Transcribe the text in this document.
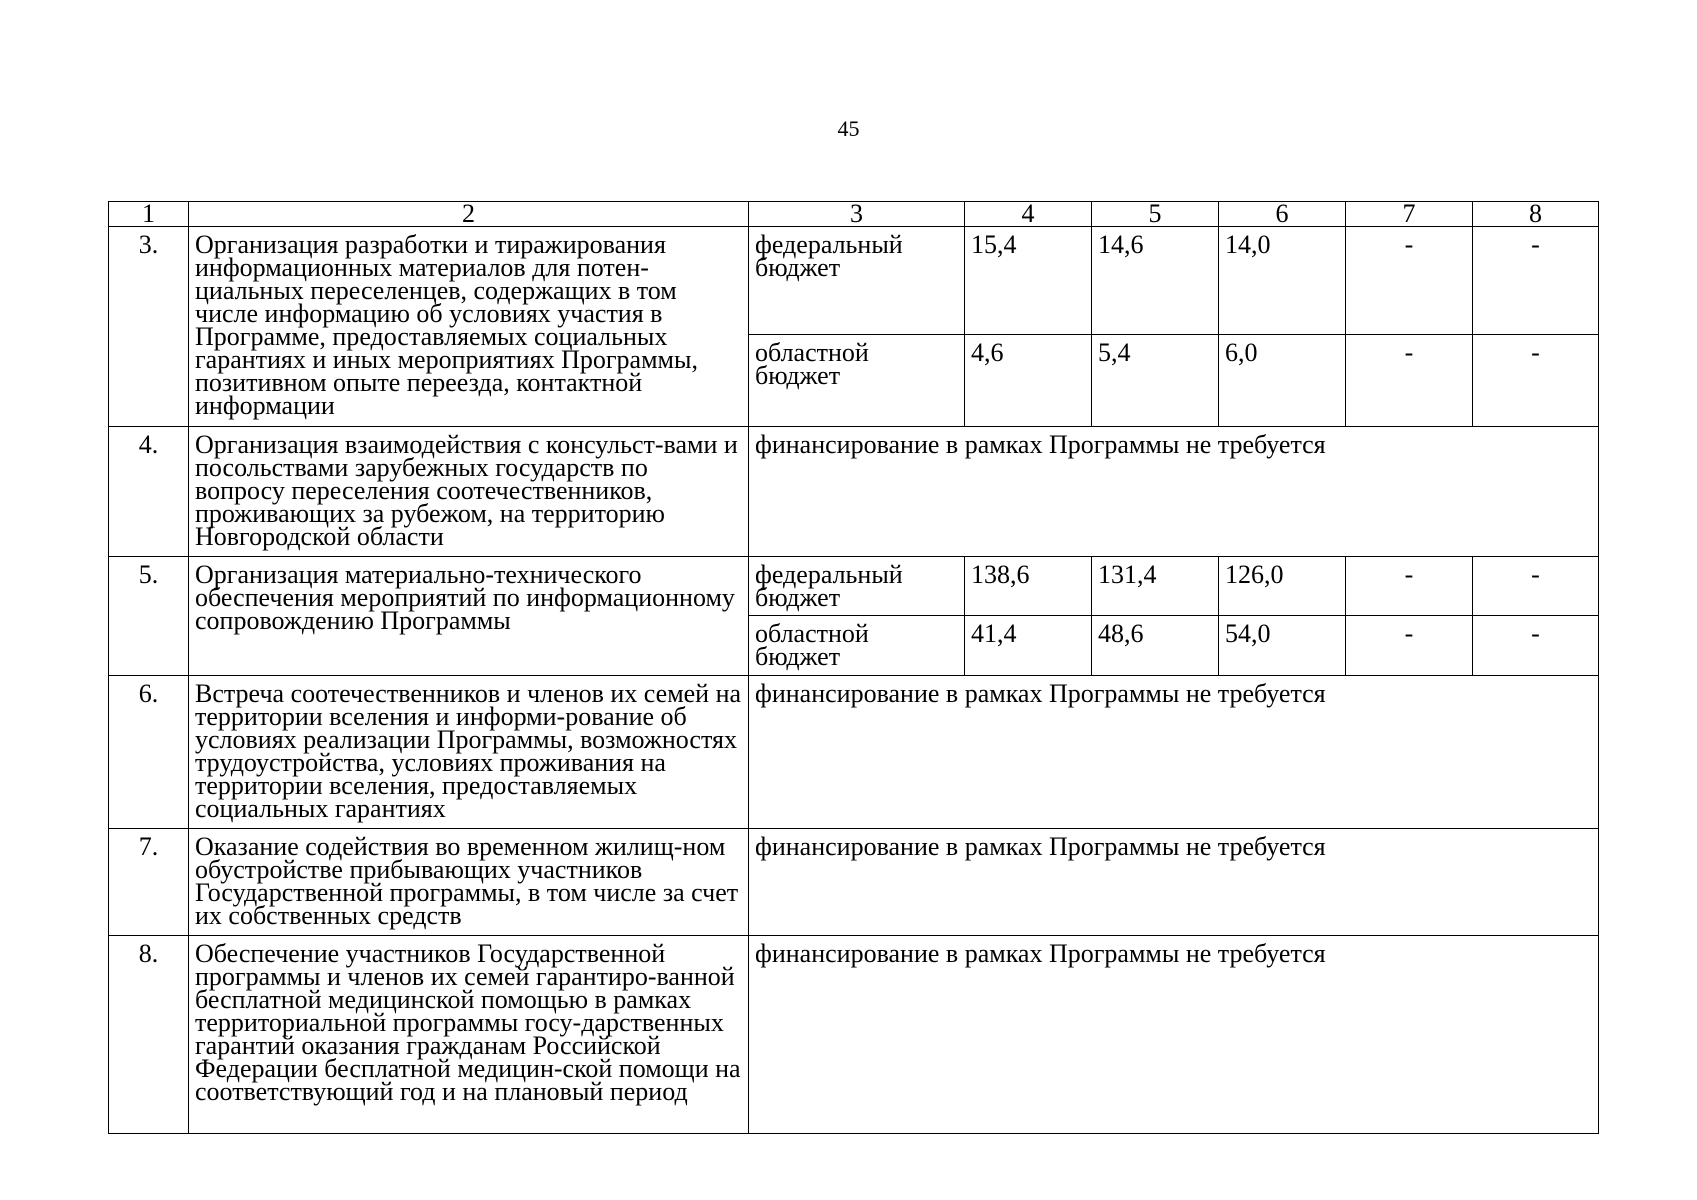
45
1	2	3	4	5	6	7	8
3.	Организация разработки и тиражирования информационных материалов для потен-циальных переселенцев, содержащих в том числе информацию об условиях участия в Программе, предоставляемых социальных гарантиях и иных мероприятиях Программы, позитивном опыте переезда, контактной информации	федеральный бюджет	15,4	14,6	14,0	-	-
		областной бюджет	4,6	5,4	6,0	-	-
4.	Организация взаимодействия с консульст-вами и посольствами зарубежных государств по вопросу переселения соотечественников, проживающих за рубежом, на территорию Новгородской области	финансирование в рамках Программы не требуется					
5.	Организация материально-технического обеспечения мероприятий по информационному сопровождению Программы	федеральный бюджет	138,6	131,4	126,0	-	-
		областной бюджет	41,4	48,6	54,0	-	-
6.	Встреча соотечественников и членов их семей на территории вселения и информи-рование об условиях реализации Программы, возможностях трудоустройства, условиях проживания на территории вселения, предоставляемых социальных гарантиях	финансирование в рамках Программы не требуется					
7.	Оказание содействия во временном жилищ-ном обустройстве прибывающих участников Государственной программы, в том числе за счет их собственных средств	финансирование в рамках Программы не требуется					
8.	Обеспечение участников Государственной программы и членов их семей гарантиро-ванной бесплатной медицинской помощью в рамках территориальной программы госу-дарственных гарантий оказания гражданам Российской Федерации бесплатной медицин-ской помощи на соответствующий год и на плановый период	финансирование в рамках Программы не требуется					
